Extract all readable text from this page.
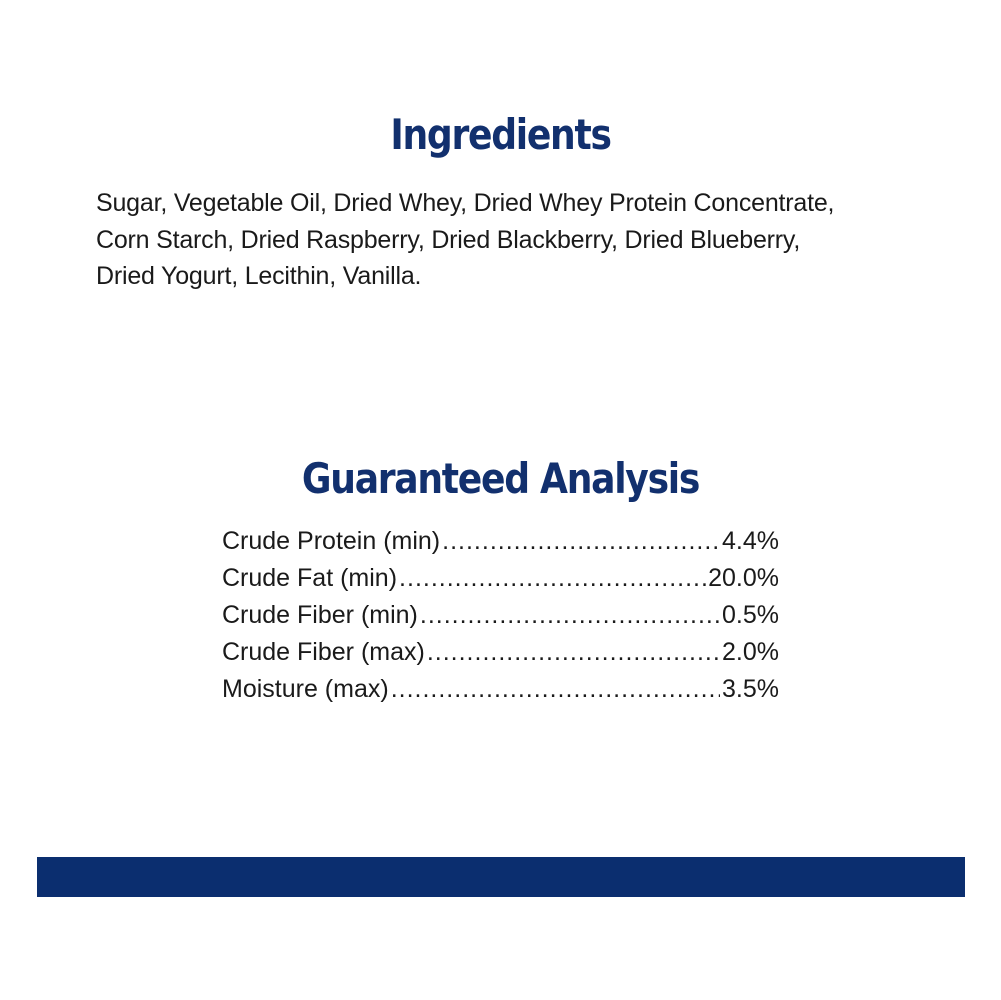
Ingredients

Sugar, Vegetable Oil, Dried Whey, Dried Whey Protein Concentrate,
Corn Starch, Dried Raspberry, Dried Blackberry, Dried Blueberry,
Dried Yogurt, Lecithin, Vanilla.

Guaranteed Analysis
Crude Protein (min) .....	4.4%
Crude Fat (min) .....	20.0%
Crude Fiber (min) .....	0.5%
Crude Fiber (max) .....	2.0%
Moisture (max) .....	3.5%
